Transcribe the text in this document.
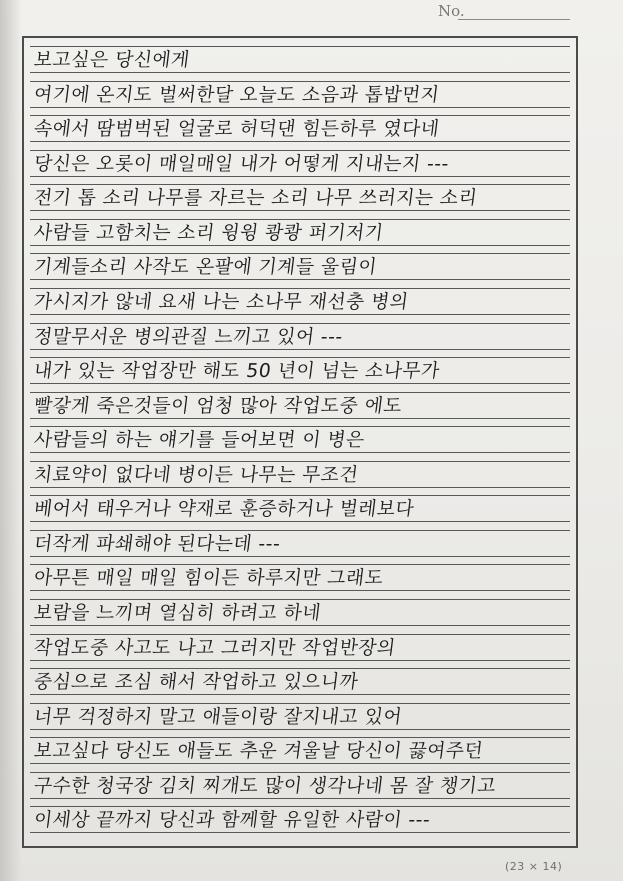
No.
보고싶은 당신에게
여기에 온지도 벌써한달 오늘도 소음과 톱밥먼지
속에서 땀범벅된 얼굴로 허덕댄 힘든하루 였다네
당신은 오롯이 매일매일 내가 어떻게 지내는지 ---
전기 톱 소리 나무를 자르는 소리 나무 쓰러지는 소리
사람들 고함치는 소리 윙윙 쾅쾅 퍼기저기
기계들소리 사작도 온팔에 기계들 울림이
가시지가 않네 요새 나는 소나무 재선충 병의
정말무서운 병의관질 느끼고 있어 ---
내가 있는 작업장만 해도 50 년이 넘는 소나무가
빨갛게 죽은것들이 엄청 많아 작업도중 에도
사람들의 하는 얘기를 들어보면 이 병은
치료약이 없다네 병이든 나무는 무조건
베어서 태우거나 약재로 훈증하거나 벌레보다
더작게 파쇄해야 된다는데 ---
아무튼 매일 매일 힘이든 하루지만 그래도
보람을 느끼며 열심히 하려고 하네
작업도중 사고도 나고 그러지만 작업반장의
중심으로 조심 해서 작업하고 있으니까
너무 걱정하지 말고 애들이랑 잘지내고 있어
보고싶다 당신도 애들도 추운 겨울날 당신이 끓여주던
구수한 청국장 김치 찌개도 많이 생각나네 몸 잘 챙기고
이세상 끝까지 당신과 함께할 유일한 사람이 ---
(23 × 14)
